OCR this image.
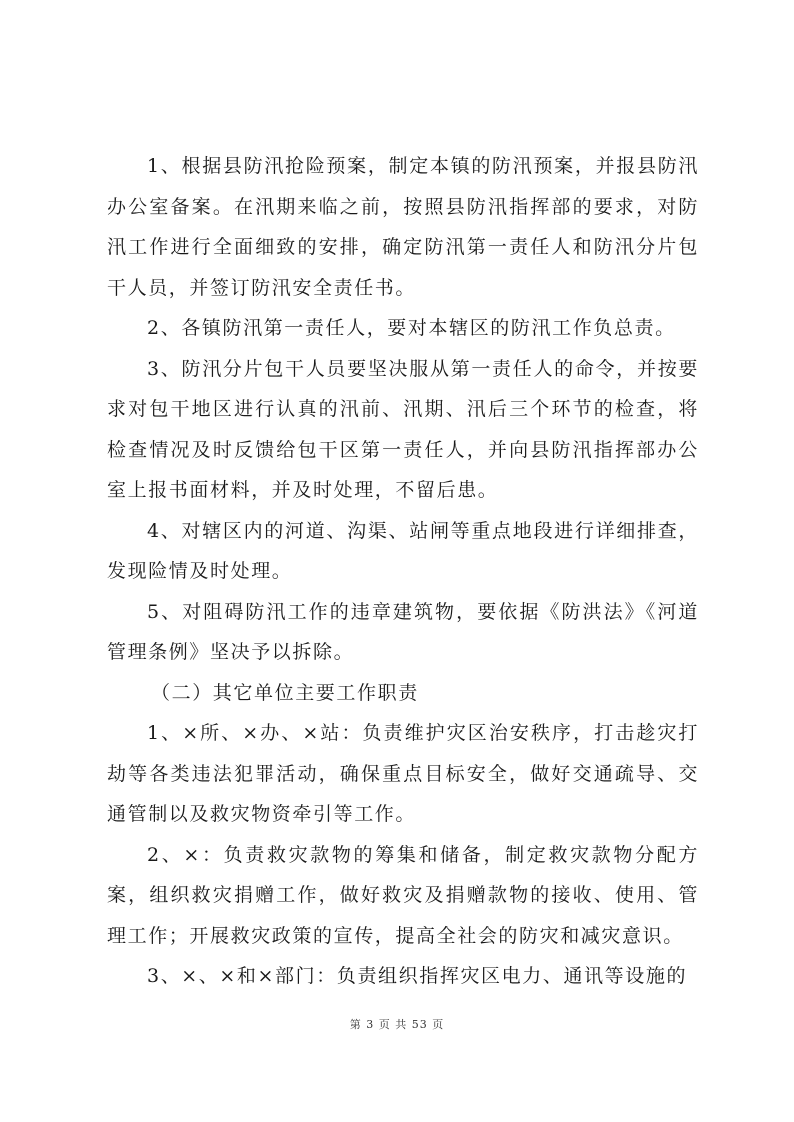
1、根据县防汛抢险预案，制定本镇的防汛预案，并报县防汛办公室备案。在汛期来临之前，按照县防汛指挥部的要求，对防汛工作进行全面细致的安排，确定防汛第一责任人和防汛分片包干人员，并签订防汛安全责任书。

2、各镇防汛第一责任人，要对本辖区的防汛工作负总责。

3、防汛分片包干人员要坚决服从第一责任人的命令，并按要求对包干地区进行认真的汛前、汛期、汛后三个环节的检查，将检查情况及时反馈给包干区第一责任人，并向县防汛指挥部办公室上报书面材料，并及时处理，不留后患。

4、对辖区内的河道、沟渠、站闸等重点地段进行详细排查，发现险情及时处理。

5、对阻碍防汛工作的违章建筑物，要依据《防洪法》《河道管理条例》坚决予以拆除。

（二）其它单位主要工作职责

1、×所、×办、×站：负责维护灾区治安秩序，打击趁灾打劫等各类违法犯罪活动，确保重点目标安全，做好交通疏导、交通管制以及救灾物资牵引等工作。

2、×：负责救灾款物的筹集和储备，制定救灾款物分配方案，组织救灾捐赠工作，做好救灾及捐赠款物的接收、使用、管理工作；开展救灾政策的宣传，提高全社会的防灾和减灾意识。

3、×、×和×部门：负责组织指挥灾区电力、通讯等设施的

第 3 页 共 53 页
